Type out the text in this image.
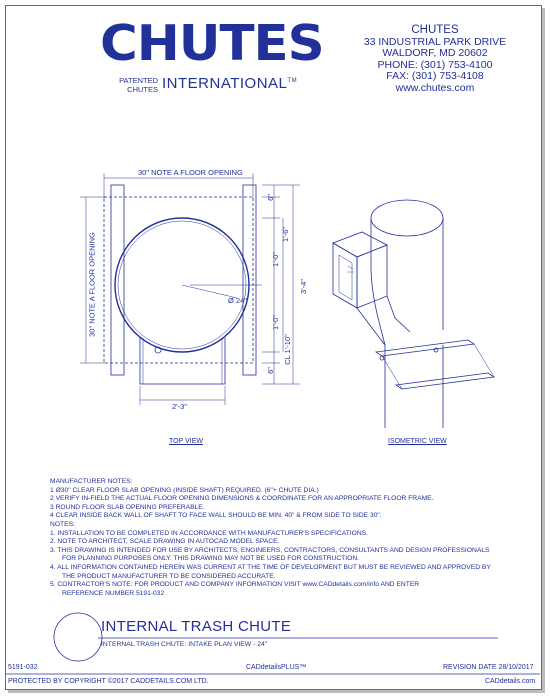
CHUTES
PATENTED
CHUTES INTERNATIONAL™
CHUTES
33 INDUSTRIAL PARK DRIVE
WALDORF, MD 20602
PHONE: (301) 753-4100
FAX: (301) 753-4108
www.chutes.com
30" NOTE A FLOOR OPENING
30" NOTE A FLOOR OPENING	Ø 24"
2'-3"
6"
1'-6"
1'-0"
1'-0"
CL 1'-10"
6"
3'-4"
TOP VIEW	ISOMETRIC VIEW
MANUFACTURER NOTES:
1 Ø30" CLEAR FLOOR SLAB OPENING (INSIDE SHAFT) REQUIRED. (6"+ CHUTE DIA.)
2 VERIFY IN-FIELD THE ACTUAL FLOOR OPENING DIMENSIONS & COORDINATE FOR AN APPROPRIATE FLOOR FRAME.
3 ROUND FLOOR SLAB OPENING PREFERABLE.
4 CLEAR INSIDE BACK WALL OF SHAFT TO FACE WALL SHOULD BE MIN. 40" & FROM SIDE TO SIDE 30".
NOTES:
1. INSTALLATION TO BE COMPLETED IN ACCORDANCE WITH MANUFACTURER'S SPECIFICATIONS.
2. NOTE TO ARCHITECT, SCALE DRAWING IN AUTOCAD MODEL SPACE.
3. THIS DRAWING IS INTENDED FOR USE BY ARCHITECTS, ENGINEERS, CONTRACTORS, CONSULTANTS AND DESIGN PROFESSIONALS
FOR PLANNING PURPOSES ONLY. THIS DRAWING MAY NOT BE USED FOR CONSTRUCTION.
4. ALL INFORMATION CONTAINED HEREIN WAS CURRENT AT THE TIME OF DEVELOPMENT BUT MUST BE REVIEWED AND APPROVED BY
THE PRODUCT MANUFACTURER TO BE CONSIDERED ACCURATE.
5. CONTRACTOR'S NOTE: FOR PRODUCT AND COMPANY INFORMATION VISIT www.CADdetails.com/info AND ENTER
REFERENCE NUMBER 5191-032
INTERNAL TRASH CHUTE
INTERNAL TRASH CHUTE: INTAKE PLAN VIEW - 24"
5191-032	CADdetailsPLUS™	REVISION DATE 28/10/2017
PROTECTED BY COPYRIGHT ©2017 CADDETAILS.COM LTD.	CADdetails.com
